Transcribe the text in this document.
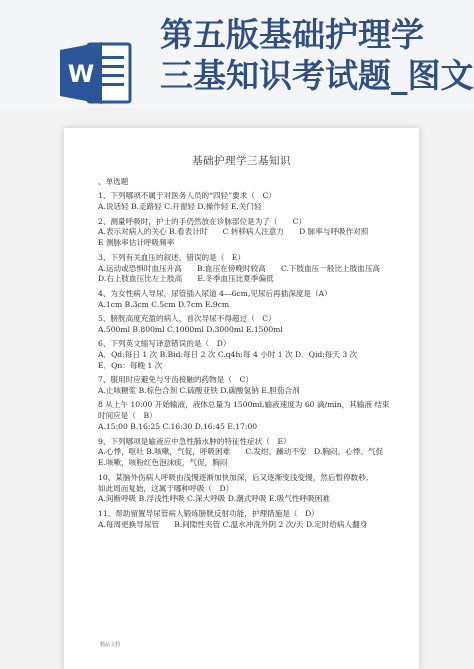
W
第五版基础护理学
三基知识考试题_图文
基础护理学三基知识
、单选题
1、下列哪项不属于对医务人员的“四轻”要求（　C）
A.说话轻 B.走路轻 C.开窗轻 D.操作轻 E.关门轻
2、测量呼吸时，护士的手仍然放在诊脉部位是为了（　　C）
A.表示对病人的关心 B.看表计时　　C 转移病人注意力　　D 脉率与呼吸作对照
E 测脉率估计呼吸频率
3、下列有关血压的叙述，错误的是（　E）
A.运动或恐惧时血压升高　　B.血压在傍晚时较高　　C.下肢血压一般比上肢血压高
D.右上肢血压比左上肢高　　E.冬季血压比夏季偏低
4、为女性病人导尿，尿管插入尿道 4—6cm,见尿后再插深度是（A）
A.1cm B.3cm C.5cm D.7cm E.9cm
5、膀胱高度充盈的病人，首次导尿不得超过（　C）
A.500ml B.800ml C.1000ml D.3000ml E.1500ml
6、下列英文缩写译意错误的是（　D）
A．Qd:每日 1 次 B.Bid:每日 2 次 C.q4h:每 4 小时 1 次 D．Qid:每天 3 次
E．Qn：每晚 1 次
7、服用时应避免与牙齿接触的药物是（　C）
A.止咳糖浆 B.棕色合剂 C.硫酸亚铁 D.碳酸氢钠 E.胆茄合剂
8 从上午 10:00 开始输液，液体总量为 1500ml,输液速度为 60 滴/min，其输液 结束
时间应是（　B）
A.15:00 B.16:25 C.16:30 D.16:45 E.17:00
9、下列哪项是输液应中急性肺水肿的特征性症状（　E）
A.心悸，呕吐 B.咳嗽，气促，呼吸困难　　C.发绀、躁动不安　D.胸闷、心悸、气促
E.咳嗽，咳粉红色泡沫痰，气促，胸闷
10、某脑外伤病人呼吸由浅慢逐渐加快加深，后又逐渐变浅变慢，然后暂停数秒,
如此周而复始，这属于哪种呼吸（　D）
A.间断呼吸 B.浮浅性呼吸 C.深大呼吸 D.潮式呼吸 E.吸气性呼吸困难
11、帮助留置导尿管病人锻炼膀胱反射功能，护理措施是（　D）
A.每周更换导尿管　　B.间隙性夹管 C.温水冲洗外阴 2 次/天 D.定时给病人翻身
精品文档
